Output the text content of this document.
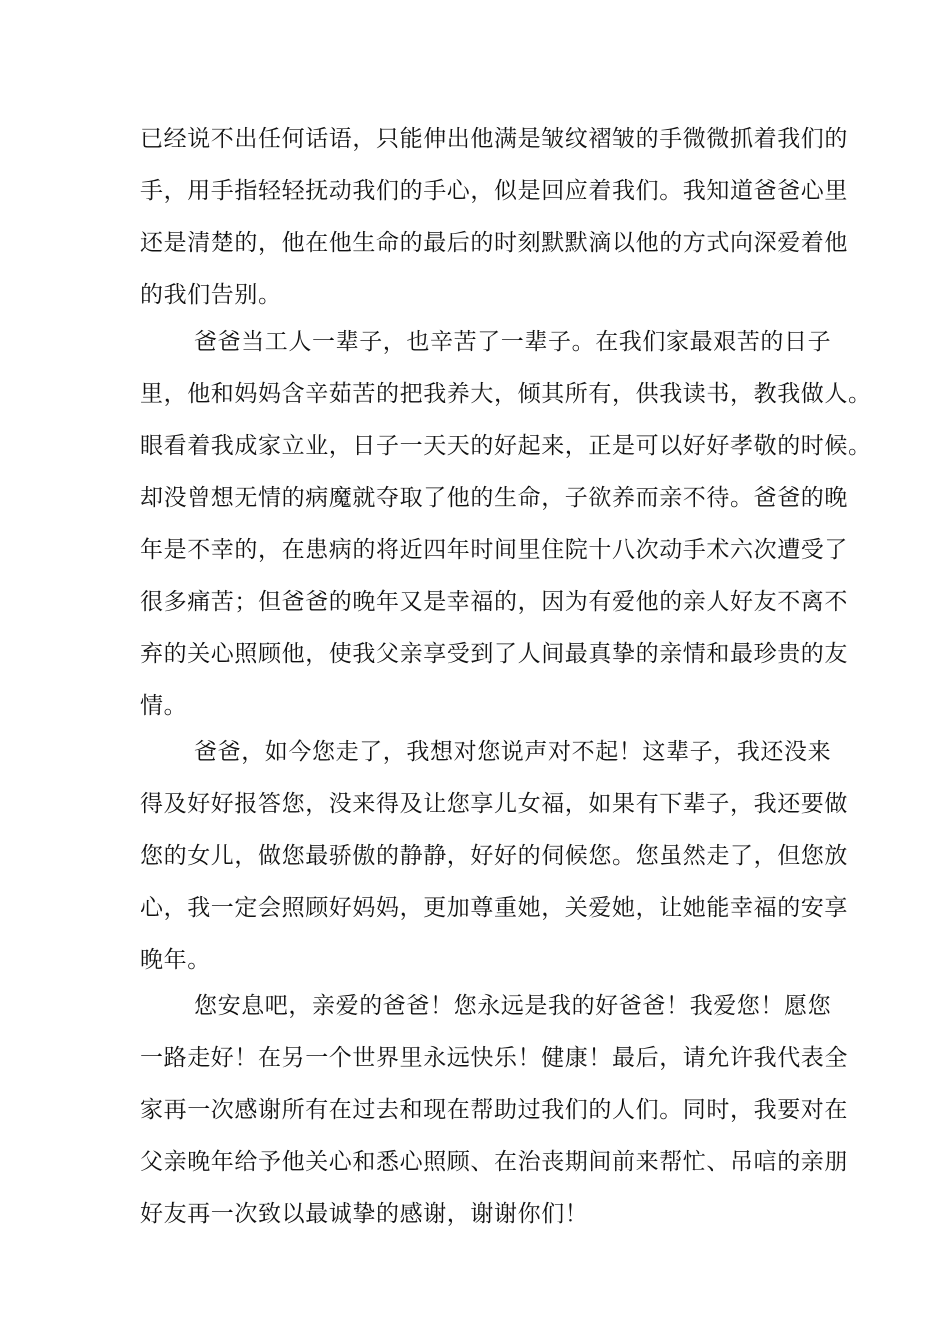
已经说不出任何话语，只能伸出他满是皱纹褶皱的手微微抓着我们的
手，用手指轻轻抚动我们的手心，似是回应着我们。我知道爸爸心里
还是清楚的，他在他生命的最后的时刻默默滴以他的方式向深爱着他
的我们告别。
爸爸当工人一辈子，也辛苦了一辈子。在我们家最艰苦的日子
里，他和妈妈含辛茹苦的把我养大，倾其所有，供我读书，教我做人。
眼看着我成家立业，日子一天天的好起来，正是可以好好孝敬的时候。
却没曾想无情的病魔就夺取了他的生命，子欲养而亲不待。爸爸的晚
年是不幸的，在患病的将近四年时间里住院十八次动手术六次遭受了
很多痛苦；但爸爸的晚年又是幸福的，因为有爱他的亲人好友不离不
弃的关心照顾他，使我父亲享受到了人间最真挚的亲情和最珍贵的友
情。
爸爸，如今您走了，我想对您说声对不起！这辈子，我还没来
得及好好报答您，没来得及让您享儿女福，如果有下辈子，我还要做
您的女儿，做您最骄傲的静静，好好的伺候您。您虽然走了，但您放
心，我一定会照顾好妈妈，更加尊重她，关爱她，让她能幸福的安享
晚年。
您安息吧，亲爱的爸爸！您永远是我的好爸爸！我爱您！愿您
一路走好！在另一个世界里永远快乐！健康！最后，请允许我代表全
家再一次感谢所有在过去和现在帮助过我们的人们。同时，我要对在
父亲晚年给予他关心和悉心照顾、在治丧期间前来帮忙、吊唁的亲朋
好友再一次致以最诚挚的感谢，谢谢你们！
